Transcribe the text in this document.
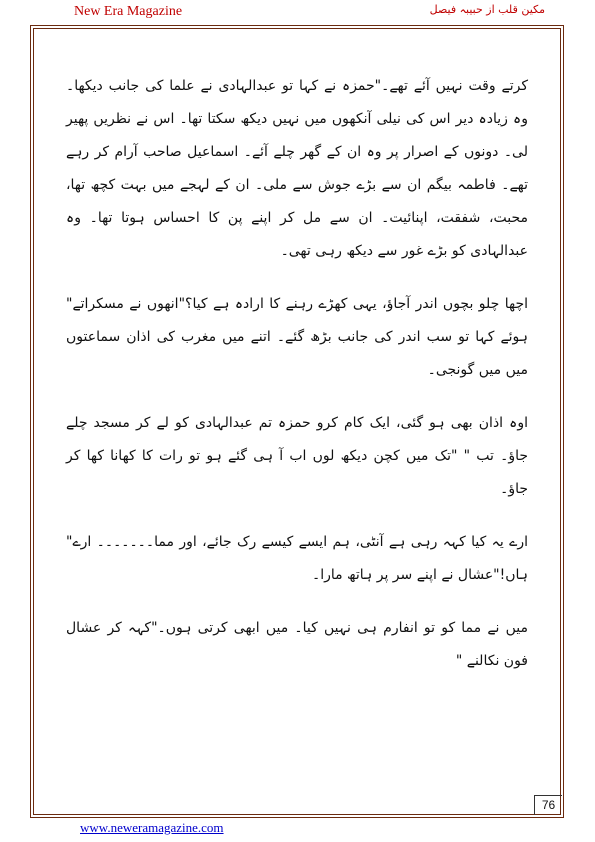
New Era Magazine	مکین قلب از حبیبہ فیصل

کرتے وقت نہیں آئے تھے۔"حمزہ نے کہا تو عبدالہادی نے علما کی جانب دیکھا۔ وہ زیادہ دیر اس کی نیلی آنکھوں میں نہیں دیکھ سکتا تھا۔ اس نے نظریں پھیر لی۔ دونوں کے اصرار پر وہ ان کے گھر چلے آئے۔ اسماعیل صاحب آرام کر رہے تھے۔ فاطمہ بیگم ان سے بڑے جوش سے ملی۔ ان کے لہجے میں بہت کچھ تھا، محبت، شفقت، اپنائیت۔ ان سے مل کر اپنے پن کا احساس ہوتا تھا۔ وہ عبدالہادی کو بڑے غور سے دیکھ رہی تھی۔

اچھا چلو بچوں اندر آجاؤ، یہی کھڑے رہنے کا ارادہ ہے کیا؟"انھوں نے مسکراتے" ہوئے کہا تو سب اندر کی جانب بڑھ گئے۔ اتنے میں مغرب کی اذان سماعتوں میں میں گونجی۔

اوہ اذان بھی ہو گئی، ایک کام کرو حمزہ تم عبدالہادی کو لے کر مسجد چلے جاؤ۔ تب " "تک میں کچن دیکھ لوں اب آ ہی گئے ہو تو رات کا کھانا کھا کر جاؤ۔

ارے یہ کیا کہہ رہی ہے آنٹی، ہم ایسے کیسے رک جائے، اور مما۔۔۔۔۔۔۔ ارے" ہاں!"عشال نے اپنے سر پر ہاتھ مارا۔

میں نے مما کو تو انفارم ہی نہیں کیا۔ میں ابھی کرتی ہوں۔"کہہ کر عشال فون نکالنے "

76
www.neweramagazine.com
